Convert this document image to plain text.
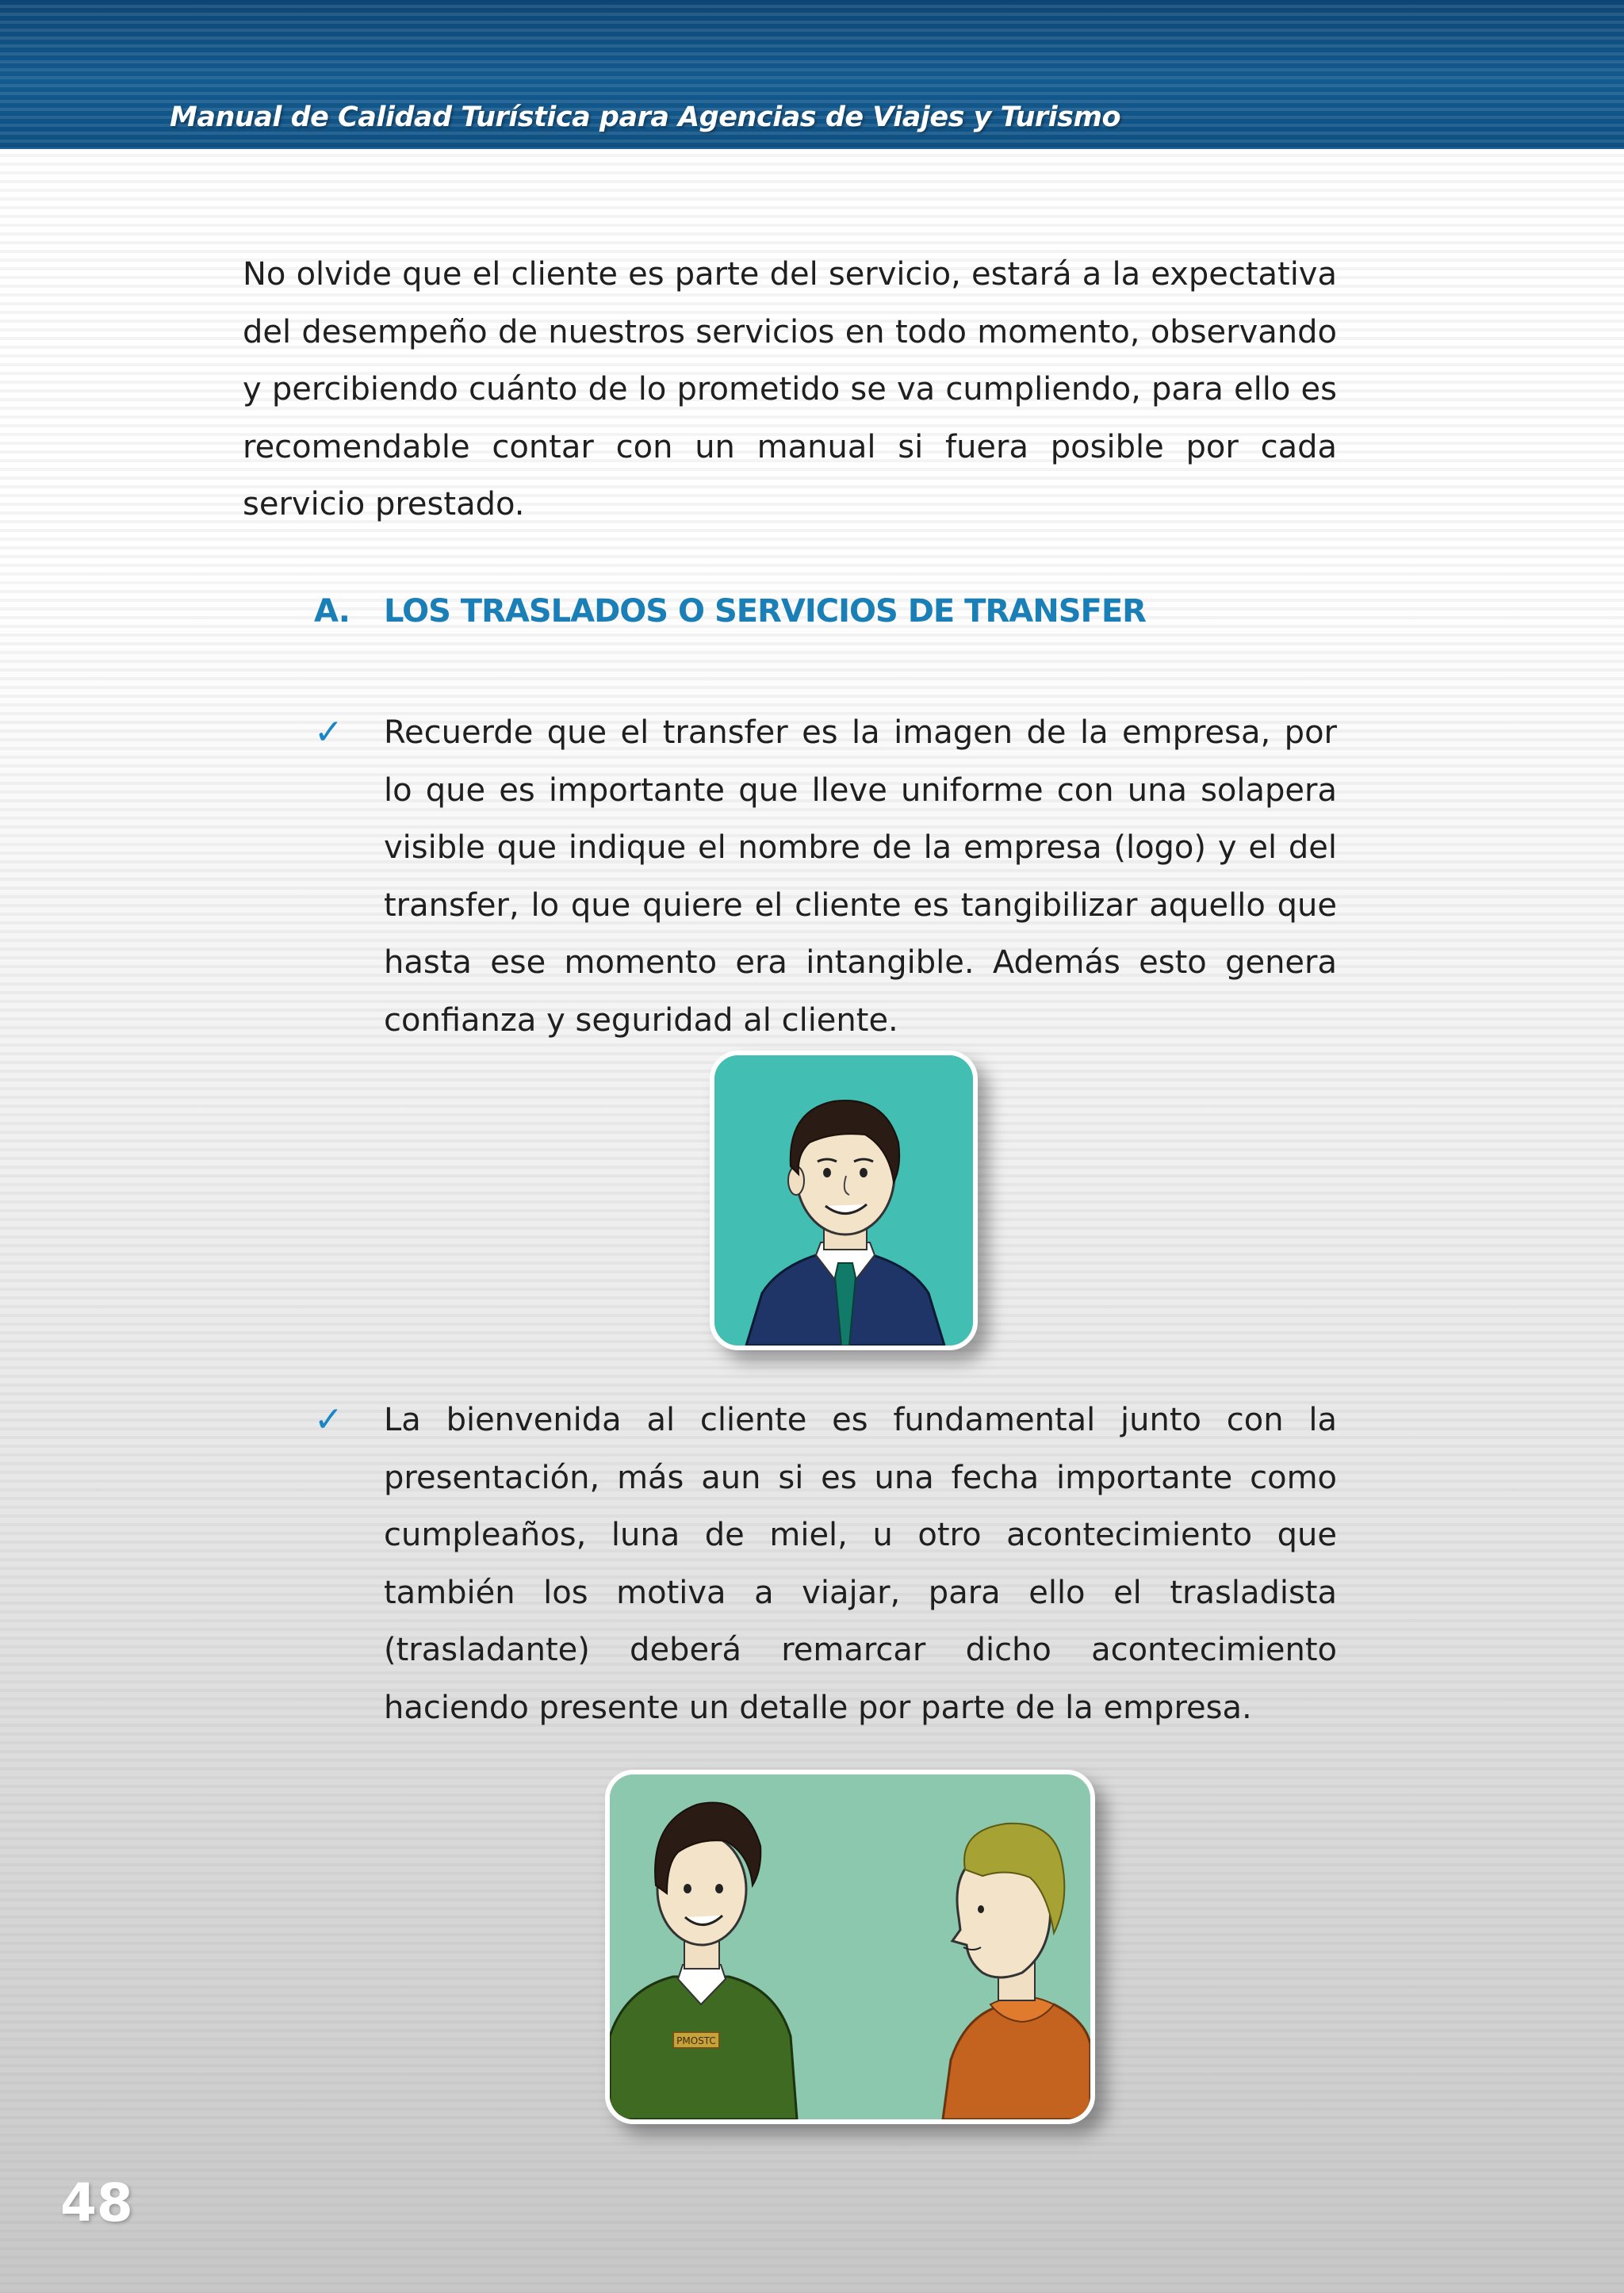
Manual de Calidad Turística para Agencias de Viajes y Turismo

No olvide que el cliente es parte del servicio, estará a la expectativa del desempeño de nuestros servicios en todo momento, observando y percibiendo cuánto de lo prometido se va cumpliendo, para ello es recomendable contar con un manual si fuera posible por cada servicio prestado.

A. LOS TRASLADOS O SERVICIOS DE TRANSFER
✓ Recuerde que el transfer es la imagen de la empresa, por lo que es importante que lleve uniforme con una solapera visible que indique el nombre de la empresa (logo) y el del transfer, lo que quiere el cliente es tangibilizar aquello que hasta ese momento era intangible. Además esto genera confianza y seguridad al cliente.

✓ La bienvenida al cliente es fundamental junto con la presentación, más aun si es una fecha importante como cumpleaños, luna de miel, u otro acontecimiento que también los motiva a viajar, para ello el trasladista (trasladante) deberá remarcar dicho acontecimiento haciendo presente un detalle por parte de la empresa.

PMOSTC
48
